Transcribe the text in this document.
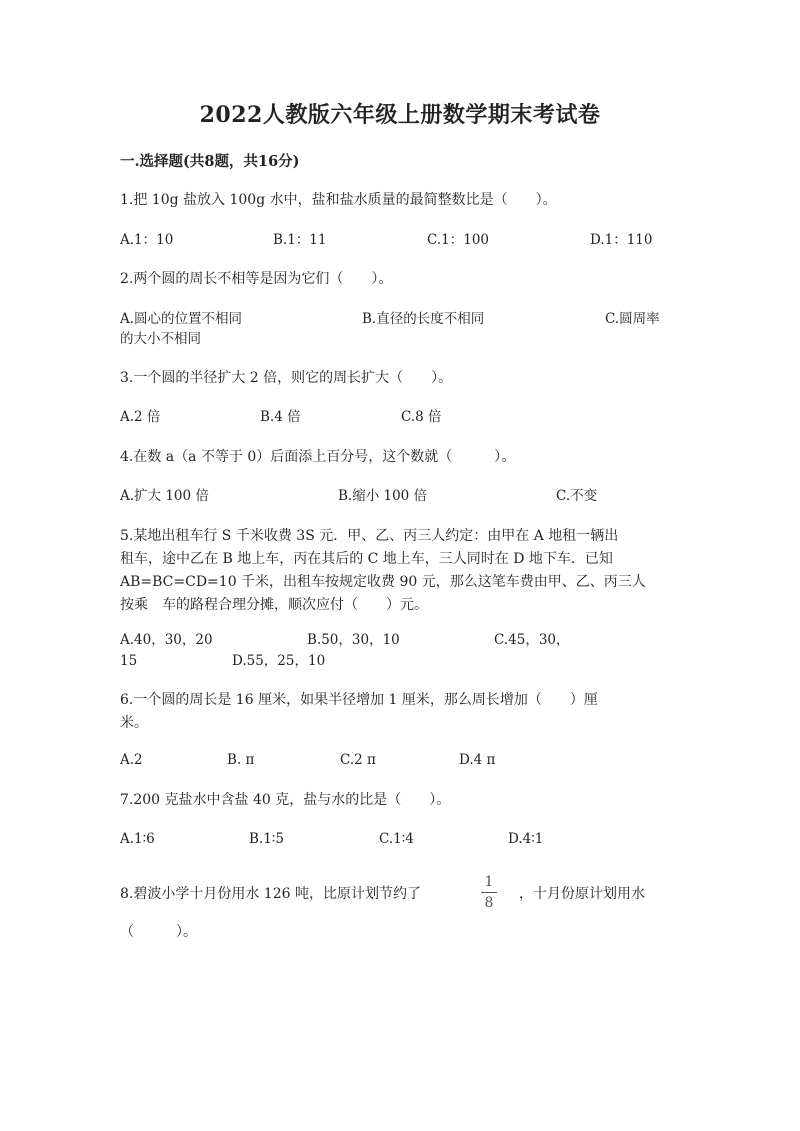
2022人教版六年级上册数学期末考试卷
一.选择题(共8题，共16分)
1.把 10g 盐放入 100g 水中，盐和盐水质量的最简整数比是（　　）。
A.1：10	B.1：11	C.1：100	D.1：110
2.两个圆的周长不相等是因为它们（　　）。
A.圆心的位置不相同	B.直径的长度不相同	C.圆周率
的大小不相同
3.一个圆的半径扩大 2 倍，则它的周长扩大（　　）。
A.2 倍	B.4 倍	C.8 倍
4.在数 a（a 不等于 0）后面添上百分号，这个数就（　　　）。
A.扩大 100 倍	B.缩小 100 倍	C.不变
5.某地出租车行 S 千米收费 3S 元．甲、乙、丙三人约定：由甲在 A 地租一辆出
租车，途中乙在 B 地上车，丙在其后的 C 地上车，三人同时在 D 地下车．已知
AB=BC=CD=10 千米，出租车按规定收费 90 元，那么这笔车费由甲、乙、丙三人
按乘　车的路程合理分摊，顺次应付（　　）元。
A.40，30，20	B.50，30，10	C.45，30，
15	D.55，25，10
6.一个圆的周长是 16 厘米，如果半径增加 1 厘米，那么周长增加（　　）厘
米。
A.2	B. π	C.2 π	D.4 π
7.200 克盐水中含盐 40 克，盐与水的比是（　　）。
A.1∶6	B.1∶5	C.1∶4	D.4∶1
8.碧波小学十月份用水 126 吨，比原计划节约了
1
8
，十月份原计划用水
（　　　）。
